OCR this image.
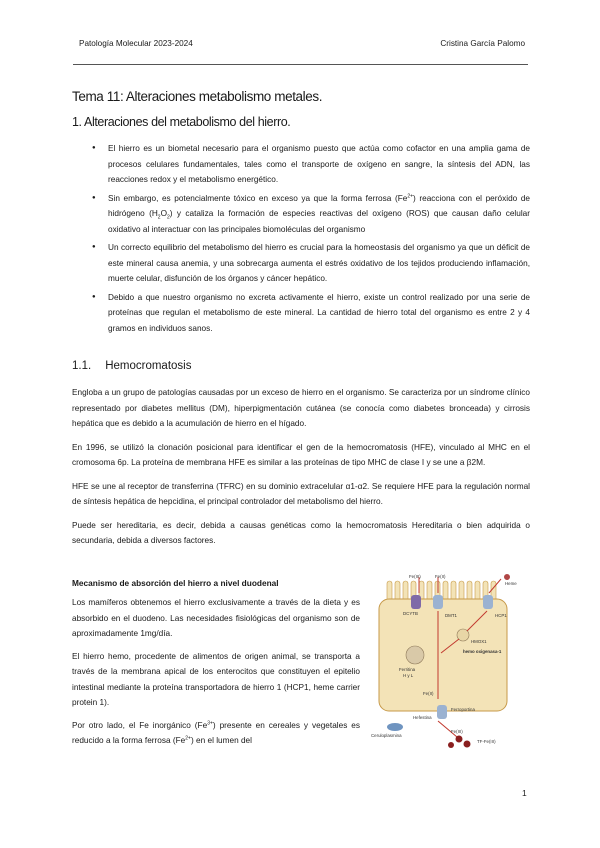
Patología Molecular 2023-2024	Cristina García Palomo
Tema 11: Alteraciones metabolismo metales.
1. Alteraciones del metabolismo del hierro.
● El hierro es un biometal necesario para el organismo puesto que actúa como cofactor en una amplia gama de procesos celulares fundamentales, tales como el transporte de oxígeno en sangre, la síntesis del ADN, las reacciones redox y el metabolismo energético.
● Sin embargo, es potencialmente tóxico en exceso ya que la forma ferrosa $(Fe^{2+})$ reacciona con el peróxido de hidrógeno $(H_2O_2)$ y cataliza la formación de especies reactivas del oxígeno (ROS) que causan daño celular oxidativo al interactuar con las principales biomoléculas del organismo
● Un correcto equilibrio del metabolismo del hierro es crucial para la homeostasis del organismo ya que un déficit de este mineral causa anemia, y una sobrecarga aumenta el estrés oxidativo de los tejidos produciendo inflamación, muerte celular, disfunción de los órganos y cáncer hepático.
● Debido a que nuestro organismo no excreta activamente el hierro, existe un control realizado por una serie de proteínas que regulan el metabolismo de este mineral. La cantidad de hierro total del organismo es entre 2 y 4 gramos en individuos sanos.
1.1. Hemocromatosis

Engloba a un grupo de patologías causadas por un exceso de hierro en el organismo. Se caracteriza por un síndrome clínico representado por diabetes mellitus (DM), hiperpigmentación cutánea (se conocía como diabetes bronceada) y cirrosis hepática que es debido a la acumulación de hierro en el hígado.

En 1996, se utilizó la clonación posicional para identificar el gen de la hemocromatosis (HFE), vinculado al MHC en el cromosoma 6p. La proteína de membrana HFE es similar a las proteínas de tipo MHC de clase I y se une a β2M.

HFE se une al receptor de transferrina (TFRC) en su dominio extracelular α1-α2. Se requiere HFE para la regulación normal de síntesis hepática de hepcidina, el principal controlador del metabolismo del hierro.

Puede ser hereditaria, es decir, debida a causas genéticas como la hemocromatosis Hereditaria o bien adquirida o secundaria, debida a diversos factores.

Mecanismo de absorción del hierro a nivel duodenal

Los mamíferos obtenemos el hierro exclusivamente a través de la dieta y es absorbido en el duodeno. Las necesidades fisiológicas del organismo son de aproximadamente 1mg/día.

El hierro hemo, procedente de alimentos de origen animal, se transporta a través de la membrana apical de los enterocitos que constituyen el epitelio intestinal mediante la proteína transportadora de hierro 1 (HCP1, heme carrier protein 1).

Por otro lado, el Fe inorgánico $(Fe^{3+})$ presente en cereales y vegetales es reducido a la forma ferrosa $(Fe^{2+})$ en el lumen del

Fe(III)	Fe(II)
Heme
DCYTB	DMT1	HCP1
HMOX1
hemo oxigenasa-1
Ferritina
H y L
Fe(II)
Ferroportina
Hefestina
Ceruloplasmina
Fe(III)
TF-Fe(III)
1
